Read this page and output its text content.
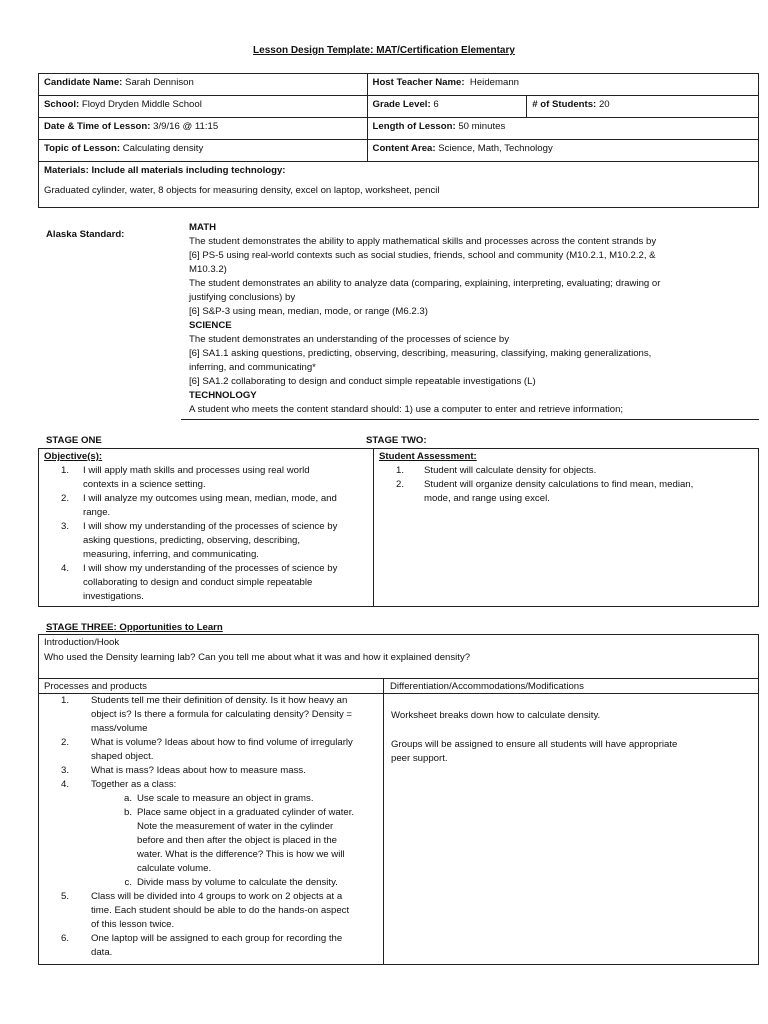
Lesson Design Template: MAT/Certification Elementary
Candidate Name: Sarah Dennison	Host Teacher Name: Heidemann	
School: Floyd Dryden Middle School	Grade Level: 6	# of Students: 20
Date & Time of Lesson: 3/9/16 @ 11:15	Length of Lesson: 50 minutes	
Topic of Lesson: Calculating density	Content Area: Science, Math, Technology	

Materials: Include all materials including technology:
Graduated cylinder, water, 8 objects for measuring density, excel on laptop, worksheet, pencil		
Alaska Standard:
MATH
The student demonstrates the ability to apply mathematical skills and processes across the content strands by
[6] PS-5 using real-world contexts such as social studies, friends, school and community (M10.2.1, M10.2.2, &
M10.3.2)
The student demonstrates an ability to analyze data (comparing, explaining, interpreting, evaluating; drawing or
justifying conclusions) by
[6] S&P-3 using mean, median, mode, or range (M6.2.3)
SCIENCE
The student demonstrates an understanding of the processes of science by
[6] SA1.1 asking questions, predicting, observing, describing, measuring, classifying, making generalizations,
inferring, and communicating*
[6] SA1.2 collaborating to design and conduct simple repeatable investigations (L)
TECHNOLOGY
A student who meets the content standard should: 1) use a computer to enter and retrieve information;
STAGE ONE	STAGE TWO:
Objective(s):
1. I will apply math skills and processes using real world
contexts in a science setting.
2. I will analyze my outcomes using mean, median, mode, and
range.
3. I will show my understanding of the processes of science by
asking questions, predicting, observing, describing,
measuring, inferring, and communicating.
4. I will show my understanding of the processes of science by
collaborating to design and conduct simple repeatable
investigations.
Student Assessment:
1. Student will calculate density for objects.
2. Student will organize density calculations to find mean, median,
mode, and range using excel.
STAGE THREE: Opportunities to Learn
Introduction/Hook
Who used the Density learning lab? Can you tell me about what it was and how it explained density?
Processes and products
1. Students tell me their definition of density. Is it how heavy an
object is? Is there a formula for calculating density? Density =
mass/volume
2. What is volume? Ideas about how to find volume of irregularly
shaped object.
3. What is mass? Ideas about how to measure mass.
4. Together as a class:
a. Use scale to measure an object in grams.
b. Place same object in a graduated cylinder of water.
Note the measurement of water in the cylinder
before and then after the object is placed in the
water. What is the difference? This is how we will
calculate volume.
c. Divide mass by volume to calculate the density.
5. Class will be divided into 4 groups to work on 2 objects at a
time. Each student should be able to do the hands-on aspect
of this lesson twice.
6. One laptop will be assigned to each group for recording the
data.
Differentiation/Accommodations/Modifications
Worksheet breaks down how to calculate density.
Groups will be assigned to ensure all students will have appropriate
peer support.
